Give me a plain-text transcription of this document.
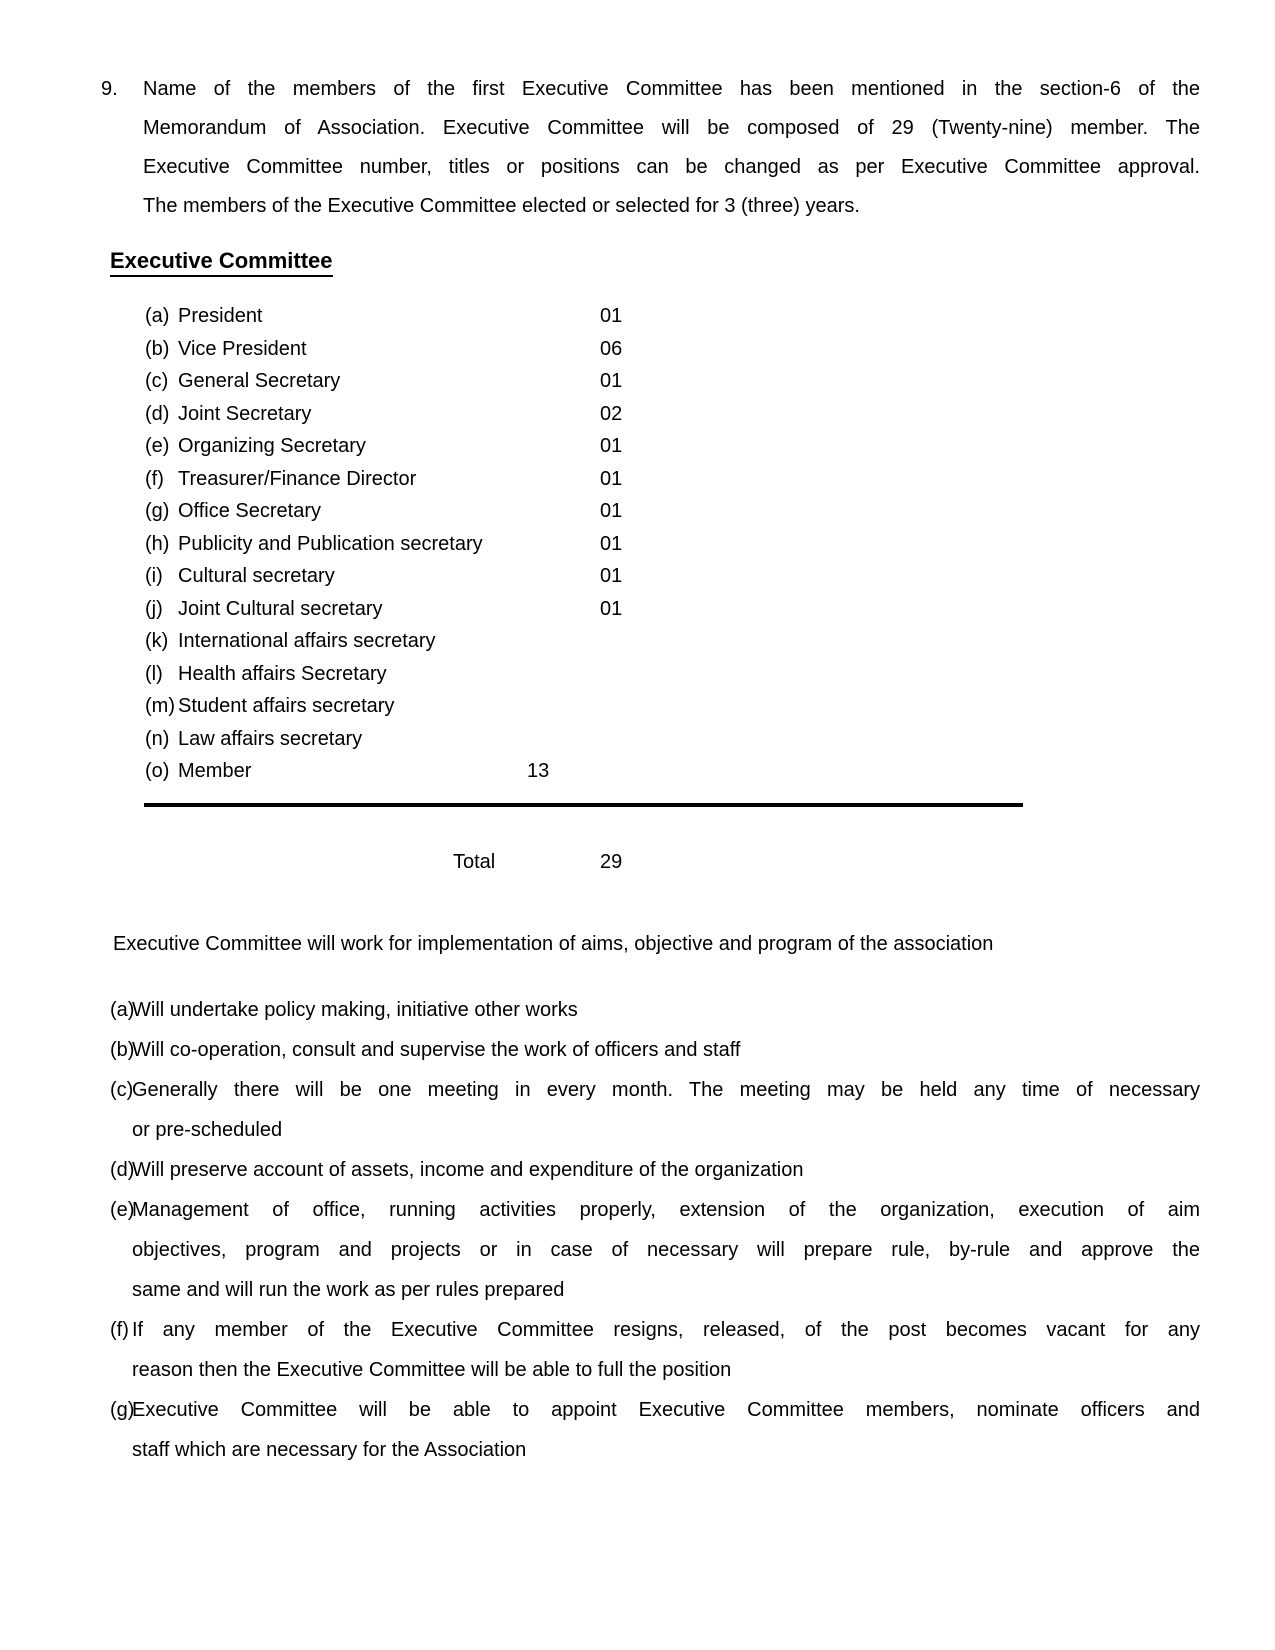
9. Name of the members of the first Executive Committee has been mentioned in the section-6 of the
Memorandum of Association. Executive Committee will be composed of 29 (Twenty-nine) member. The
Executive Committee number, titles or positions can be changed as per Executive Committee approval.
The members of the Executive Committee elected or selected for 3 (three) years.
Executive Committee
(a) President	01
(b) Vice President	06
(c) General Secretary	01
(d) Joint Secretary	02
(e) Organizing Secretary	01
(f) Treasurer/Finance Director	01
(g) Office Secretary	01
(h) Publicity and Publication secretary	01
(i) Cultural secretary	01
(j) Joint Cultural secretary	01
(k) International affairs secretary
(l) Health affairs Secretary
(m) Student affairs secretary
(n) Law affairs secretary
(o) Member	13
Total	29
Executive Committee will work for implementation of aims, objective and program of the association
(a)
Will undertake policy making, initiative other works
(b)
Will co-operation, consult and supervise the work of officers and staff
(c)
Generally there will be one meeting in every month. The meeting may be held any time of necessary
or pre-scheduled
(d)
Will preserve account of assets, income and expenditure of the organization
(e)
Management of office, running activities properly, extension of the organization, execution of aim
objectives, program and projects or in case of necessary will prepare rule, by-rule and approve the
same and will run the work as per rules prepared
(f) If any member of the Executive Committee resigns, released, of the post becomes vacant for any
reason then the Executive Committee will be able to full the position
(g)
Executive Committee will be able to appoint Executive Committee members, nominate officers and
staff which are necessary for the Association
